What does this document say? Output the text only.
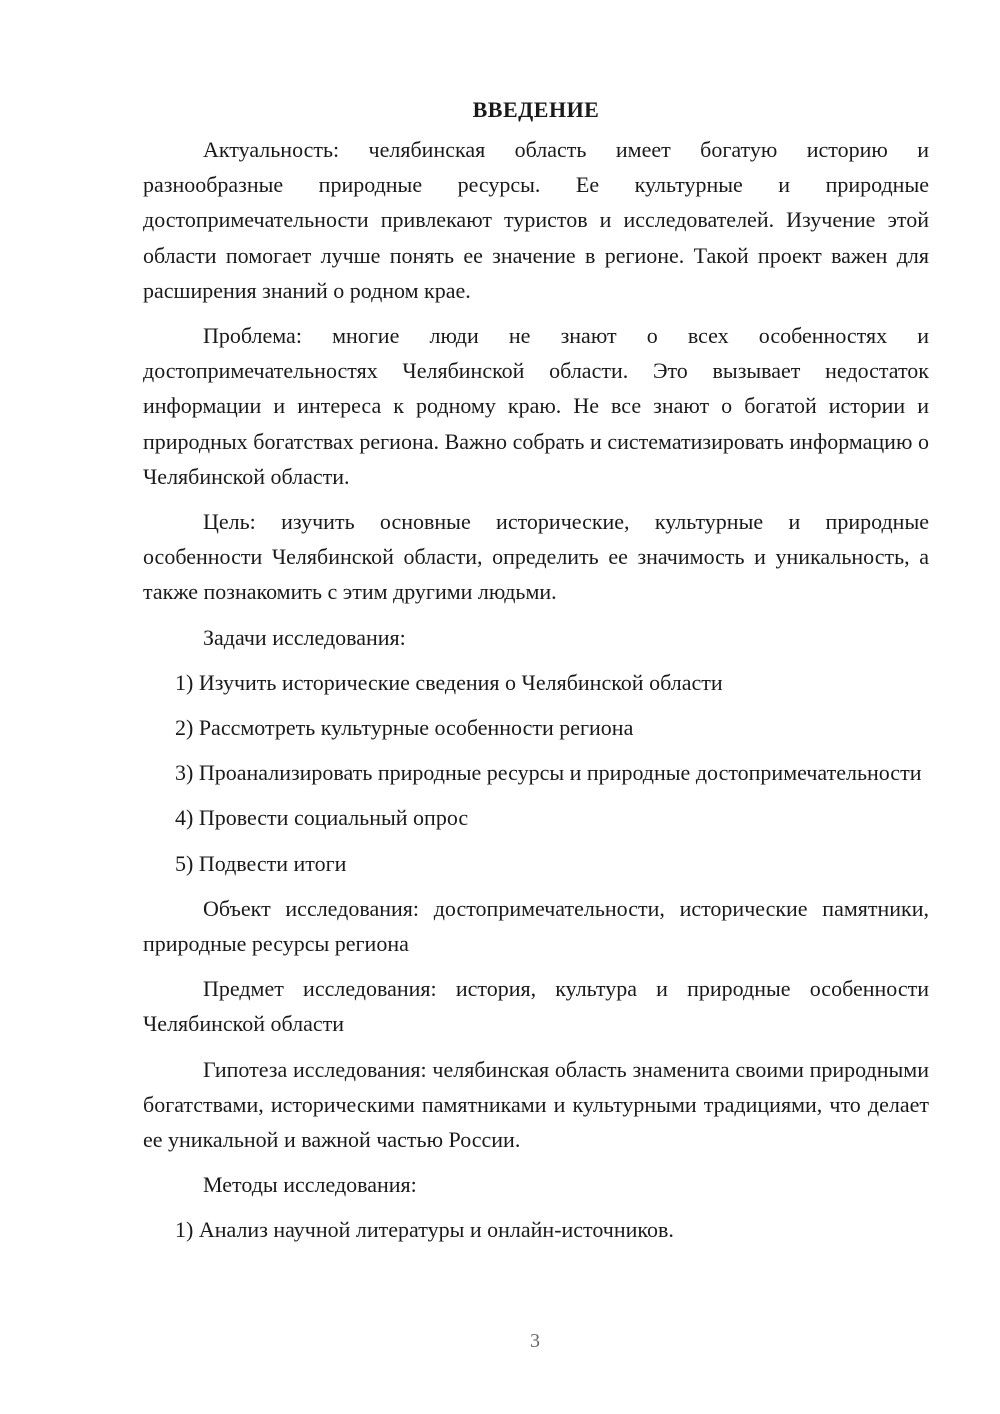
ВВЕДЕНИЕ

Актуальность: челябинская область имеет богатую историю и разнообразные природные ресурсы. Ее культурные и природные достопримечательности привлекают туристов и исследователей. Изучение этой области помогает лучше понять ее значение в регионе. Такой проект важен для расширения знаний о родном крае.

Проблема: многие люди не знают о всех особенностях и достопримечательностях Челябинской области. Это вызывает недостаток информации и интереса к родному краю. Не все знают о богатой истории и природных богатствах региона. Важно собрать и систематизировать информацию о Челябинской области.

Цель: изучить основные исторические, культурные и природные особенности Челябинской области, определить ее значимость и уникальность, а также познакомить с этим другими людьми.

Задачи исследования:

1) Изучить исторические сведения о Челябинской области

2) Рассмотреть культурные особенности региона

3) Проанализировать природные ресурсы и природные достопримечательности

4) Провести социальный опрос

5) Подвести итоги

Объект исследования: достопримечательности, исторические памятники, природные ресурсы региона

Предмет исследования: история, культура и природные особенности Челябинской области

Гипотеза исследования: челябинская область знаменита своими природными богатствами, историческими памятниками и культурными традициями, что делает ее уникальной и важной частью России.

Методы исследования:

1) Анализ научной литературы и онлайн-источников.

3
